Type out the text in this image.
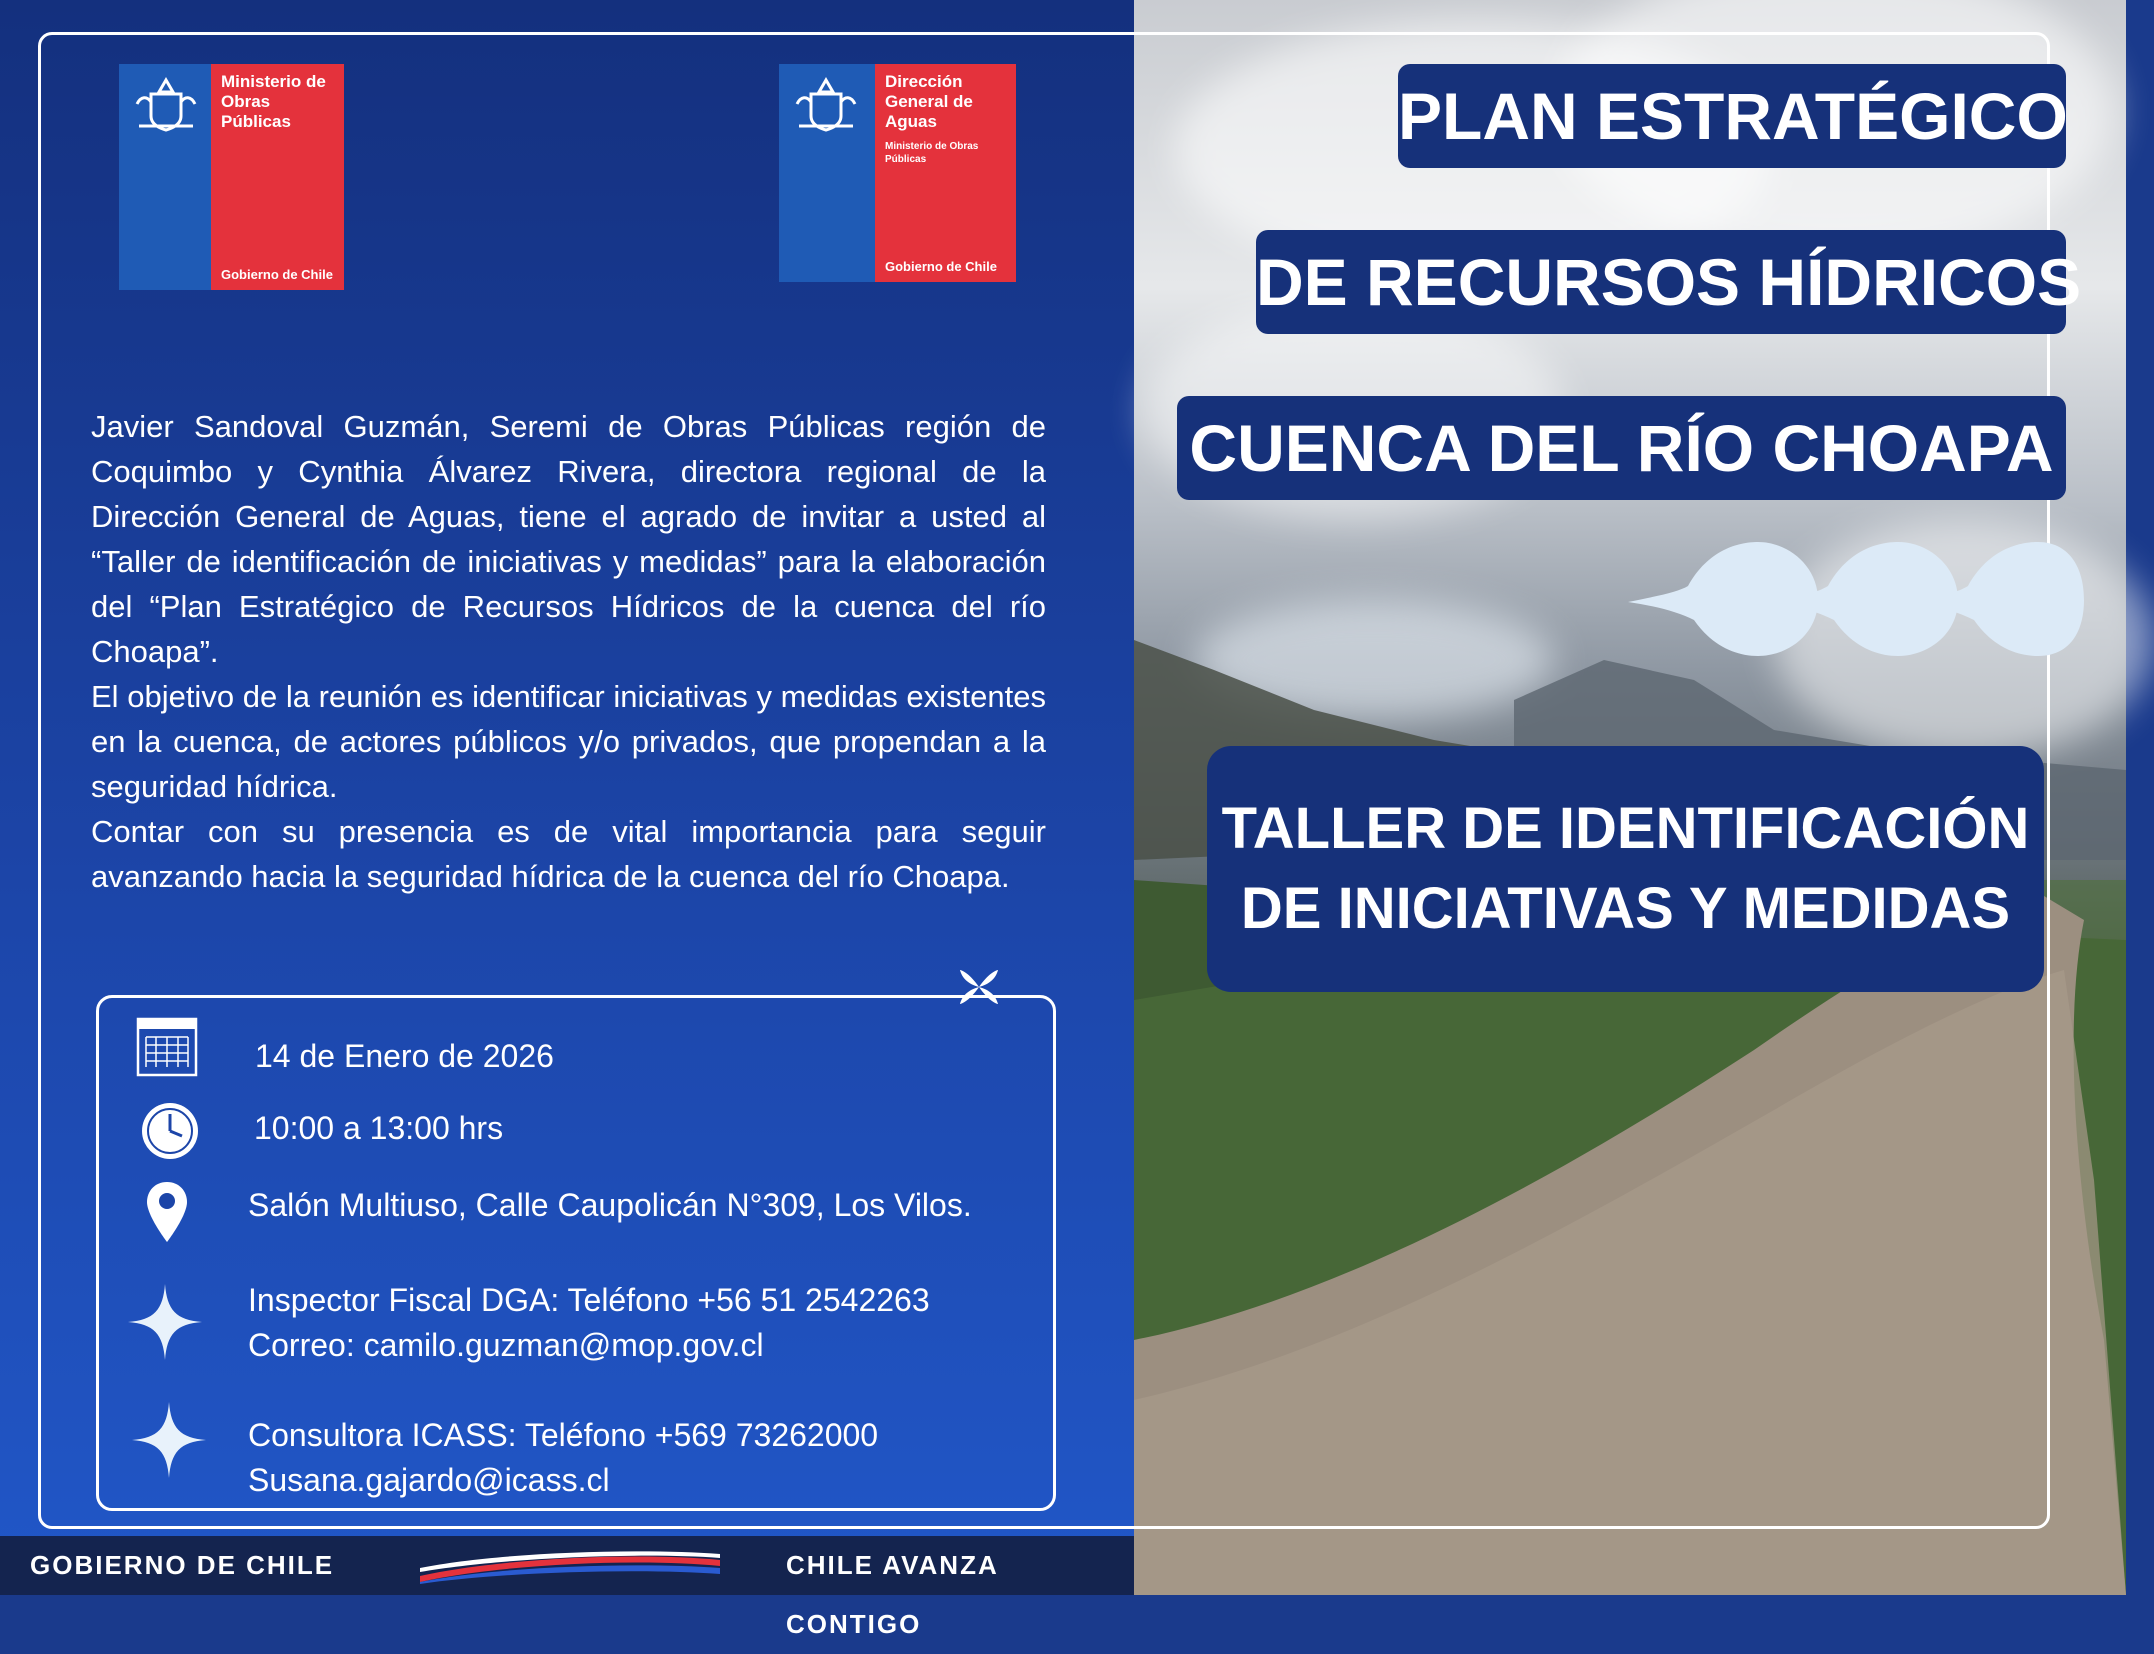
Ministerio de
Obras
Públicas
Gobierno de Chile
Dirección
General de
Aguas
Ministerio de Obras
Públicas
Gobierno de Chile

Javier Sandoval Guzmán, Seremi de Obras Públicas región de Coquimbo y Cynthia Álvarez Rivera, directora regional de la Dirección General de Aguas, tiene el agrado de invitar a usted al “Taller de identificación de iniciativas y medidas” para la elaboración del “Plan Estratégico de Recursos Hídricos de la cuenca del río Choapa”.

El objetivo de la reunión es identificar iniciativas y medidas existentes en la cuenca, de actores públicos y/o privados, que propendan a la seguridad hídrica.

Contar con su presencia es de vital importancia para seguir avanzando hacia la seguridad hídrica de la cuenca del río Choapa.

14 de Enero de 2026
10:00 a 13:00 hrs
Salón Multiuso, Calle Caupolicán N°309, Los Vilos.
Inspector Fiscal DGA: Teléfono +56 51 2542263
Correo: camilo.guzman@mop.gov.cl
Consultora ICASS: Teléfono +569 73262000
Susana.gajardo@icass.cl
PLAN ESTRATÉGICO
DE RECURSOS HÍDRICOS
CUENCA DEL RÍO CHOAPA
TALLER DE IDENTIFICACIÓN
DE INICIATIVAS Y MEDIDAS
GOBIERNO DE CHILE	CHILE AVANZA CONTIGO
